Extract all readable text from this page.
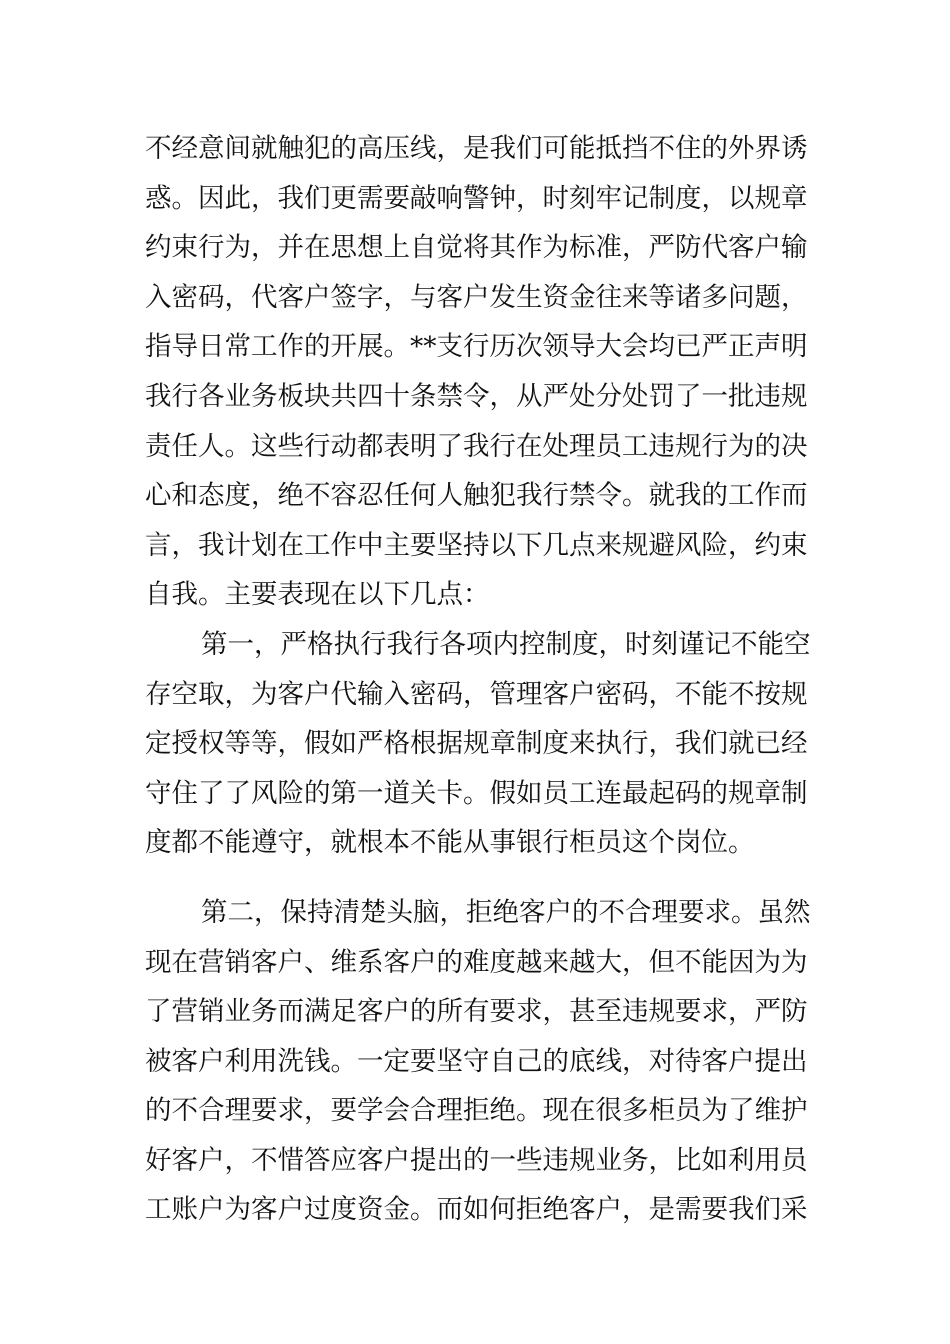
不经意间就触犯的高压线，是我们可能抵挡不住的外界诱
惑。因此，我们更需要敲响警钟，时刻牢记制度，以规章
约束行为，并在思想上自觉将其作为标准，严防代客户输
入密码，代客户签字，与客户发生资金往来等诸多问题，
指导日常工作的开展。**支行历次领导大会均已严正声明
我行各业务板块共四十条禁令，从严处分处罚了一批违规
责任人。这些行动都表明了我行在处理员工违规行为的决
心和态度，绝不容忍任何人触犯我行禁令。就我的工作而
言，我计划在工作中主要坚持以下几点来规避风险，约束
自我。主要表现在以下几点：
第一，严格执行我行各项内控制度，时刻谨记不能空
存空取，为客户代输入密码，管理客户密码，不能不按规
定授权等等，假如严格根据规章制度来执行，我们就已经
守住了了风险的第一道关卡。假如员工连最起码的规章制
度都不能遵守，就根本不能从事银行柜员这个岗位。
第二，保持清楚头脑，拒绝客户的不合理要求。虽然
现在营销客户、维系客户的难度越来越大，但不能因为为
了营销业务而满足客户的所有要求，甚至违规要求，严防
被客户利用洗钱。一定要坚守自己的底线，对待客户提出
的不合理要求，要学会合理拒绝。现在很多柜员为了维护
好客户，不惜答应客户提出的一些违规业务，比如利用员
工账户为客户过度资金。而如何拒绝客户，是需要我们采
